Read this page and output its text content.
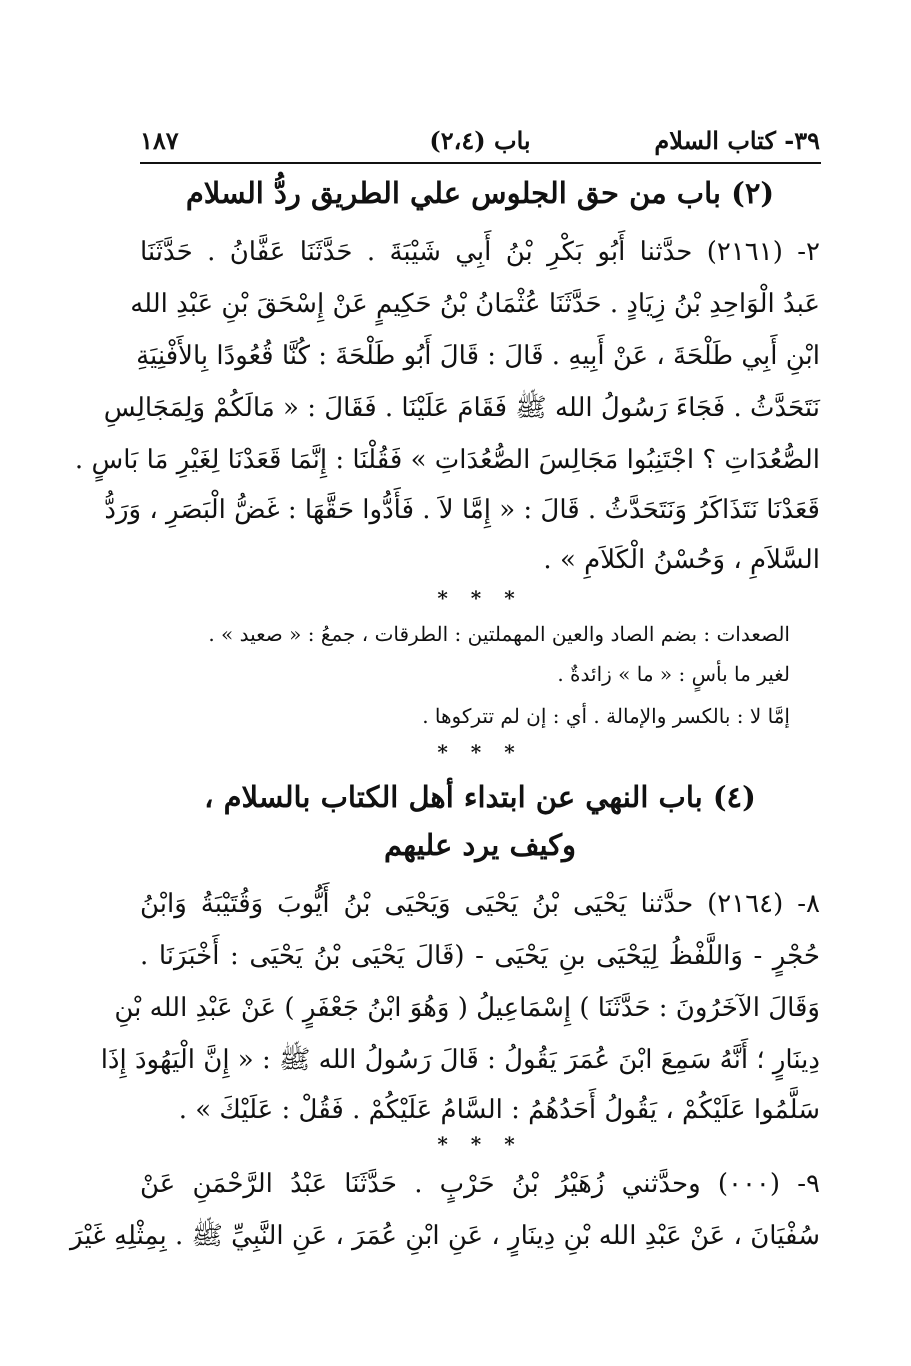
٣٩- كتاب السلام
باب (٢،٤)
١٨٧
(٢) باب من حق الجلوس علي الطريق ردُّ السلام
٢- (٢١٦١) حدَّثنا أَبُو بَكْرِ بْنُ أَبِي شَيْبَةَ . حَدَّثَنَا عَفَّانُ . حَدَّثَنَا
عَبدُ الْوَاحِدِ بْنُ زِيَادٍ . حَدَّثَنَا عُثْمَانُ بْنُ حَكِيمٍ عَنْ إِسْحَقَ بْنِ عَبْدِ الله
ابْنِ أَبِي طَلْحَةَ ، عَنْ أَبِيهِ . قَالَ : قَالَ أَبُو طَلْحَةَ : كُنَّا قُعُودًا بِالأَفْنِيَةِ
نَتَحَدَّثُ . فَجَاءَ رَسُولُ الله ﷺ فَقَامَ عَلَيْنَا . فَقَالَ : « مَالَكُمْ وَلِمَجَالِسِ
الصُّعُدَاتِ ؟ اجْتَنِبُوا مَجَالِسَ الصُّعُدَاتِ » فَقُلْنَا : إِنَّمَا قَعَدْنَا لِغَيْرِ مَا بَاسٍ .
قَعَدْنَا نَتَذَاكَرُ وَنَتَحَدَّثُ . قَالَ : « إِمَّا لاَ . فَأَدُّوا حَقَّهَا : غَضُّ الْبَصَرِ ، وَرَدُّ
السَّلاَمِ ، وَحُسْنُ الْكَلاَمِ » .
* * *
الصعدات : بضم الصاد والعين المهملتين : الطرقات ، جمعُ : « صعيد » .
لغير ما بأسٍ : « ما » زائدةٌ .
إمَّا لا : بالكسر والإمالة . أي : إن لم تتركوها .
* * *
(٤) باب النهي عن ابتداء أهل الكتاب بالسلام ،
وكيف يرد عليهم
٨- (٢١٦٤) حدَّثنا يَحْيَى بْنُ يَحْيَى وَيَحْيَى بْنُ أَيُّوبَ وَقُتَيْبَةُ وَابْنُ
حُجْرٍ - وَاللَّفْظُ لِيَحْيَى بنِ يَحْيَى - (قَالَ يَحْيَى بْنُ يَحْيَى : أَخْبَرَنَا .
وَقَالَ الآخَرُونَ : حَدَّثَنَا ) إِسْمَاعِيلُ ( وَهُوَ ابْنُ جَعْفَرٍ ) عَنْ عَبْدِ الله بْنِ
دِينَارٍ ؛ أَنَّهُ سَمِعَ ابْنَ عُمَرَ يَقُولُ : قَالَ رَسُولُ الله ﷺ : « إِنَّ الْيَهُودَ إِذَا
سَلَّمُوا عَلَيْكُمْ ، يَقُولُ أَحَدُهُمُ : السَّامُ عَلَيْكُمْ . فَقُلْ : عَلَيْكَ » .
* * *
٩- (٠٠٠) وحدَّثني زُهَيْرُ بْنُ حَرْبٍ . حَدَّثَنَا عَبْدُ الرَّحْمَنِ عَنْ
سُفْيَانَ ، عَنْ عَبْدِ الله بْنِ دِينَارٍ ، عَنِ ابْنِ عُمَرَ ، عَنِ النَّبِيِّ ﷺ . بِمِثْلِهِ غَيْرَ
